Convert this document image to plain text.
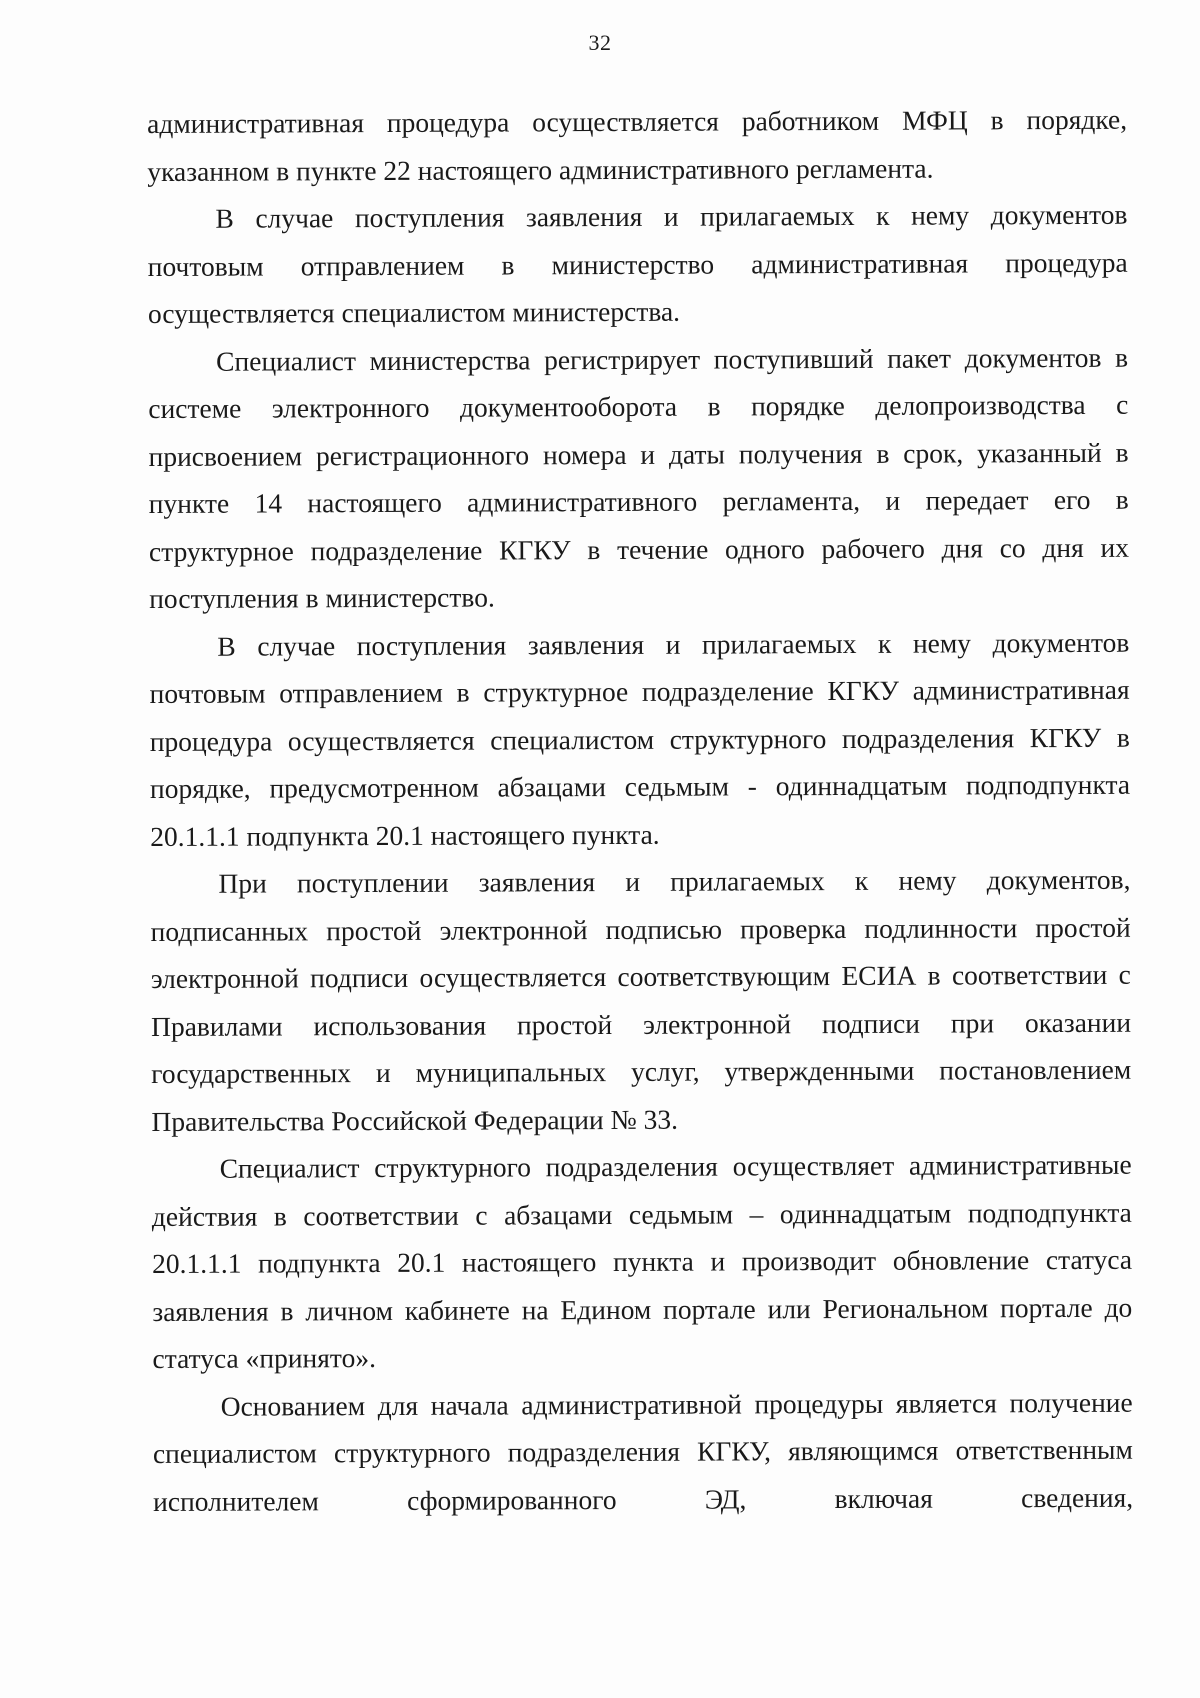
32

административная процедура осуществляется работником МФЦ в порядке, указанном в пункте 22 настоящего административного регламента.

В случае поступления заявления и прилагаемых к нему документов почтовым отправлением в министерство административная процедура осуществляется специалистом министерства.

Специалист министерства регистрирует поступивший пакет документов в системе электронного документооборота в порядке делопроизводства с присвоением регистрационного номера и даты получения в срок, указанный в пункте 14 настоящего административного регламента, и передает его в структурное подразделение КГКУ в течение одного рабочего дня со дня их поступления в министерство.

В случае поступления заявления и прилагаемых к нему документов почтовым отправлением в структурное подразделение КГКУ административная процедура осуществляется специалистом структурного подразделения КГКУ в порядке, предусмотренном абзацами седьмым - одиннадцатым подподпункта 20.1.1.1 подпункта 20.1 настоящего пункта.

При поступлении заявления и прилагаемых к нему документов, подписанных простой электронной подписью проверка подлинности простой электронной подписи осуществляется соответствующим ЕСИА в соответствии с Правилами использования простой электронной подписи при оказании государственных и муниципальных услуг, утвержденными постановлением Правительства Российской Федерации № 33.

Специалист структурного подразделения осуществляет административные действия в соответствии с абзацами седьмым – одиннадцатым подподпункта 20.1.1.1 подпункта 20.1 настоящего пункта и производит обновление статуса заявления в личном кабинете на Едином портале или Региональном портале до статуса «принято».

Основанием для начала административной процедуры является получение специалистом структурного подразделения КГКУ, являющимся ответственным исполнителем сформированного ЭД, включая сведения,
